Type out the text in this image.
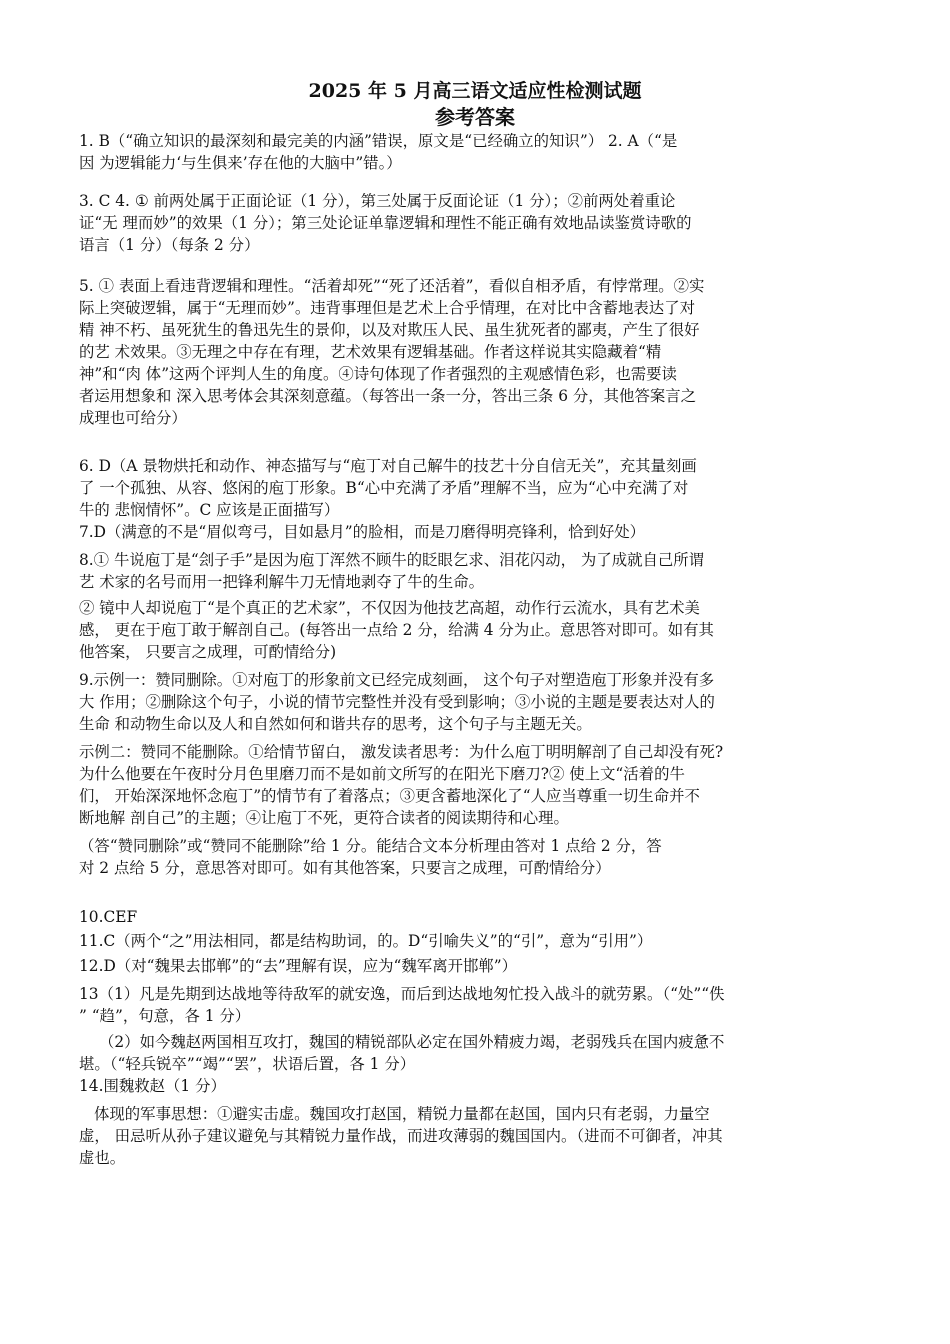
2025 年 5 月高三语文适应性检测试题
参考答案
1. B（“确立知识的最深刻和最完美的内涵”错误，原文是“已经确立的知识”） 2. A（“是
因 为逻辑能力‘与生俱来’存在他的大脑中”错。）
3. C 4. ① 前两处属于正面论证（1 分），第三处属于反面论证（1 分）；②前两处着重论
证“无 理而妙”的效果（1 分）；第三处论证单靠逻辑和理性不能正确有效地品读鉴赏诗歌的
语言（1 分）（每条 2 分）
5. ① 表面上看违背逻辑和理性。“活着却死”“死了还活着”，看似自相矛盾，有悖常理。②实
际上突破逻辑，属于“无理而妙”。违背事理但是艺术上合乎情理，在对比中含蓄地表达了对
精 神不朽、虽死犹生的鲁迅先生的景仰，以及对欺压人民、虽生犹死者的鄙夷，产生了很好
的艺 术效果。③无理之中存在有理，艺术效果有逻辑基础。作者这样说其实隐藏着“精
神”和“肉 体”这两个评判人生的角度。④诗句体现了作者强烈的主观感情色彩，也需要读
者运用想象和 深入思考体会其深刻意蕴。（每答出一条一分，答出三条 6 分，其他答案言之
成理也可给分）
6. D（A 景物烘托和动作、神态描写与“庖丁对自己解牛的技艺十分自信无关”，充其量刻画
了 一个孤独、从容、悠闲的庖丁形象。B“心中充满了矛盾”理解不当，应为“心中充满了对
牛的 悲悯情怀”。C 应该是正面描写）
7.D（满意的不是“眉似弯弓，目如悬月”的脸相，而是刀磨得明亮锋利，恰到好处）
8.① 牛说庖丁是“刽子手”是因为庖丁浑然不顾牛的眨眼乞求、泪花闪动， 为了成就自己所谓
艺 术家的名号而用一把锋利解牛刀无情地剥夺了牛的生命。
② 镜中人却说庖丁“是个真正的艺术家”，不仅因为他技艺高超，动作行云流水，具有艺术美
感， 更在于庖丁敢于解剖自己。(每答出一点给 2 分，给满 4 分为止。意思答对即可。如有其
他答案， 只要言之成理，可酌情给分)
9.示例一：赞同删除。①对庖丁的形象前文已经完成刻画， 这个句子对塑造庖丁形象并没有多
大 作用；②删除这个句子，小说的情节完整性并没有受到影响；③小说的主题是要表达对人的
生命 和动物生命以及人和自然如何和谐共存的思考，这个句子与主题无关。
示例二：赞同不能删除。①给情节留白， 激发读者思考：为什么庖丁明明解剖了自己却没有死?
为什么他要在午夜时分月色里磨刀而不是如前文所写的在阳光下磨刀?② 使上文“活着的牛
们， 开始深深地怀念庖丁”的情节有了着落点；③更含蓄地深化了“人应当尊重一切生命并不
断地解 剖自己”的主题；④让庖丁不死，更符合读者的阅读期待和心理。
（答“赞同删除”或“赞同不能删除”给 1 分。能结合文本分析理由答对 1 点给 2 分，答
对 2 点给 5 分，意思答对即可。如有其他答案，只要言之成理，可酌情给分）
10.CEF
11.C（两个“之”用法相同，都是结构助词，的。D“引喻失义”的“引”，意为“引用”）
12.D（对“魏果去邯郸”的“去”理解有误，应为“魏军离开邯郸”）
13（1）凡是先期到达战地等待敌军的就安逸，而后到达战地匆忙投入战斗的就劳累。（“处”“佚
” “趋”，句意，各 1 分）
（2）如今魏赵两国相互攻打，魏国的精锐部队必定在国外精疲力竭，老弱残兵在国内疲惫不
堪。（“轻兵锐卒”“竭”“罢”，状语后置，各 1 分）
14.围魏救赵（1 分）
体现的军事思想：①避实击虚。魏国攻打赵国，精锐力量都在赵国，国内只有老弱，力量空
虚， 田忌听从孙子建议避免与其精锐力量作战，而进攻薄弱的魏国国内。（进而不可御者，冲其
虚也。
